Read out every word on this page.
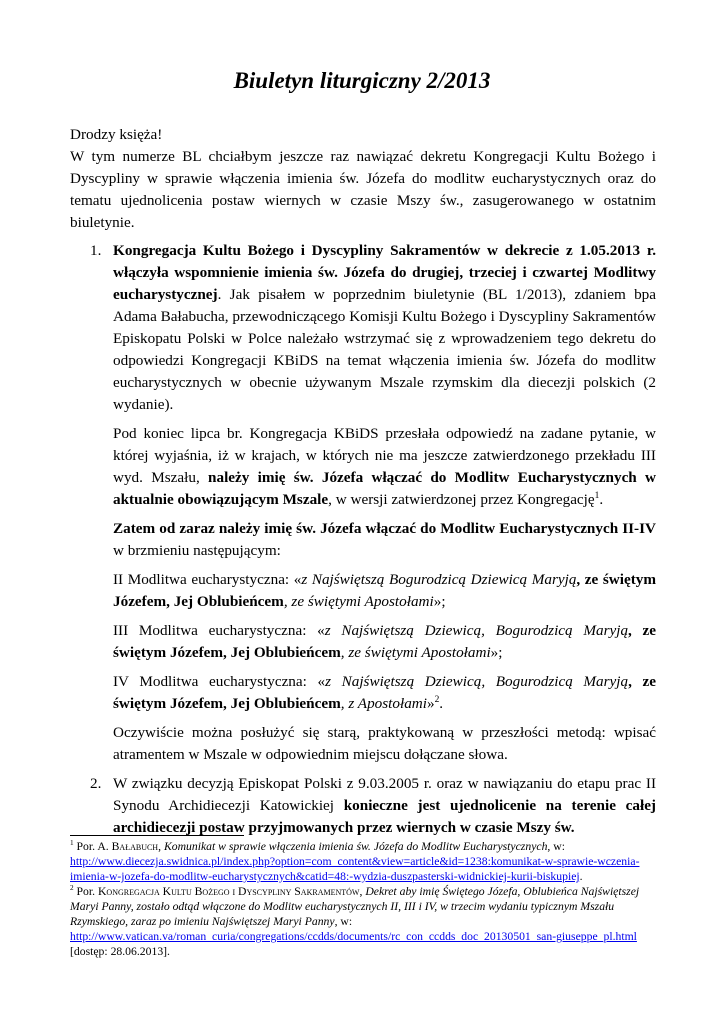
Biuletyn liturgiczny 2/2013
Drodzy księża!
W tym numerze BL chciałbym jeszcze raz nawiązać dekretu Kongregacji Kultu Bożego i Dyscypliny w sprawie włączenia imienia św. Józefa do modlitw eucharystycznych oraz do tematu ujednolicenia postaw wiernych w czasie Mszy św., zasugerowanego w ostatnim biuletynie.
1. Kongregacja Kultu Bożego i Dyscypliny Sakramentów w dekrecie z 1.05.2013 r. włączyła wspomnienie imienia św. Józefa do drugiej, trzeciej i czwartej Modlitwy eucharystycznej. Jak pisałem w poprzednim biuletynie (BL 1/2013), zdaniem bpa Adama Bałabucha, przewodniczącego Komisji Kultu Bożego i Dyscypliny Sakramentów Episkopatu Polski w Polce należało wstrzymać się z wprowadzeniem tego dekretu do odpowiedzi Kongregacji KBiDS na temat włączenia imienia św. Józefa do modlitw eucharystycznych w obecnie używanym Mszale rzymskim dla diecezji polskich (2 wydanie).

Pod koniec lipca br. Kongregacja KBiDS przesłała odpowiedź na zadane pytanie, w której wyjaśnia, iż w krajach, w których nie ma jeszcze zatwierdzonego przekładu III wyd. Mszału, należy imię św. Józefa włączać do Modlitw Eucharystycznych w aktualnie obowiązującym Mszale, w wersji zatwierdzonej przez Kongregację$^1$.

Zatem od zaraz należy imię św. Józefa włączać do Modlitw Eucharystycznych II-IV w brzmieniu następującym:

II Modlitwa eucharystyczna: «z Najświętszą Bogurodzicą Dziewicą Maryją, ze świętym Józefem, Jej Oblubieńcem, ze świętymi Apostołami»;

III Modlitwa eucharystyczna: «z Najświętszą Dziewicą, Bogurodzicą Maryją, ze świętym Józefem, Jej Oblubieńcem, ze świętymi Apostołami»;

IV Modlitwa eucharystyczna: «z Najświętszą Dziewicą, Bogurodzicą Maryją, ze świętym Józefem, Jej Oblubieńcem, z Apostołami»$^2$.

Oczywiście można posłużyć się starą, praktykowaną w przeszłości metodą: wpisać atramentem w Mszale w odpowiednim miejscu dołączane słowa.

2. W związku decyzją Episkopat Polski z 9.03.2005 r. oraz w nawiązaniu do etapu prac II Synodu Archidiecezji Katowickiej konieczne jest ujednolicenie na terenie całej archidiecezji postaw przyjmowanych przez wiernych w czasie Mszy św.

$^1$ Por. A. Bałabuch, Komunikat w sprawie włączenia imienia św. Józefa do Modlitw Eucharystycznych, w: http://www.diecezja.swidnica.pl/index.php?option=com_content&view=article&id=1238:komunikat-w-sprawie-wczenia-imienia-w-jozefa-do-modlitw-eucharystycznych&catid=48:-wydzia-duszpasterski-widnickiej-kurii-biskupiej.

$^2$ Por. Kongregacja Kultu Bożego i Dyscypliny Sakramentów, Dekret aby imię Świętego Józefa, Oblubieńca Najświętszej Maryi Panny, zostało odtąd włączone do Modlitw eucharystycznych II, III i IV, w trzecim wydaniu typicznym Mszału Rzymskiego, zaraz po imieniu Najświętszej Maryi Panny, w: http://www.vatican.va/roman_curia/congregations/ccdds/documents/rc_con_ccdds_doc_20130501_san-giuseppe_pl.html [dostęp: 28.06.2013].
